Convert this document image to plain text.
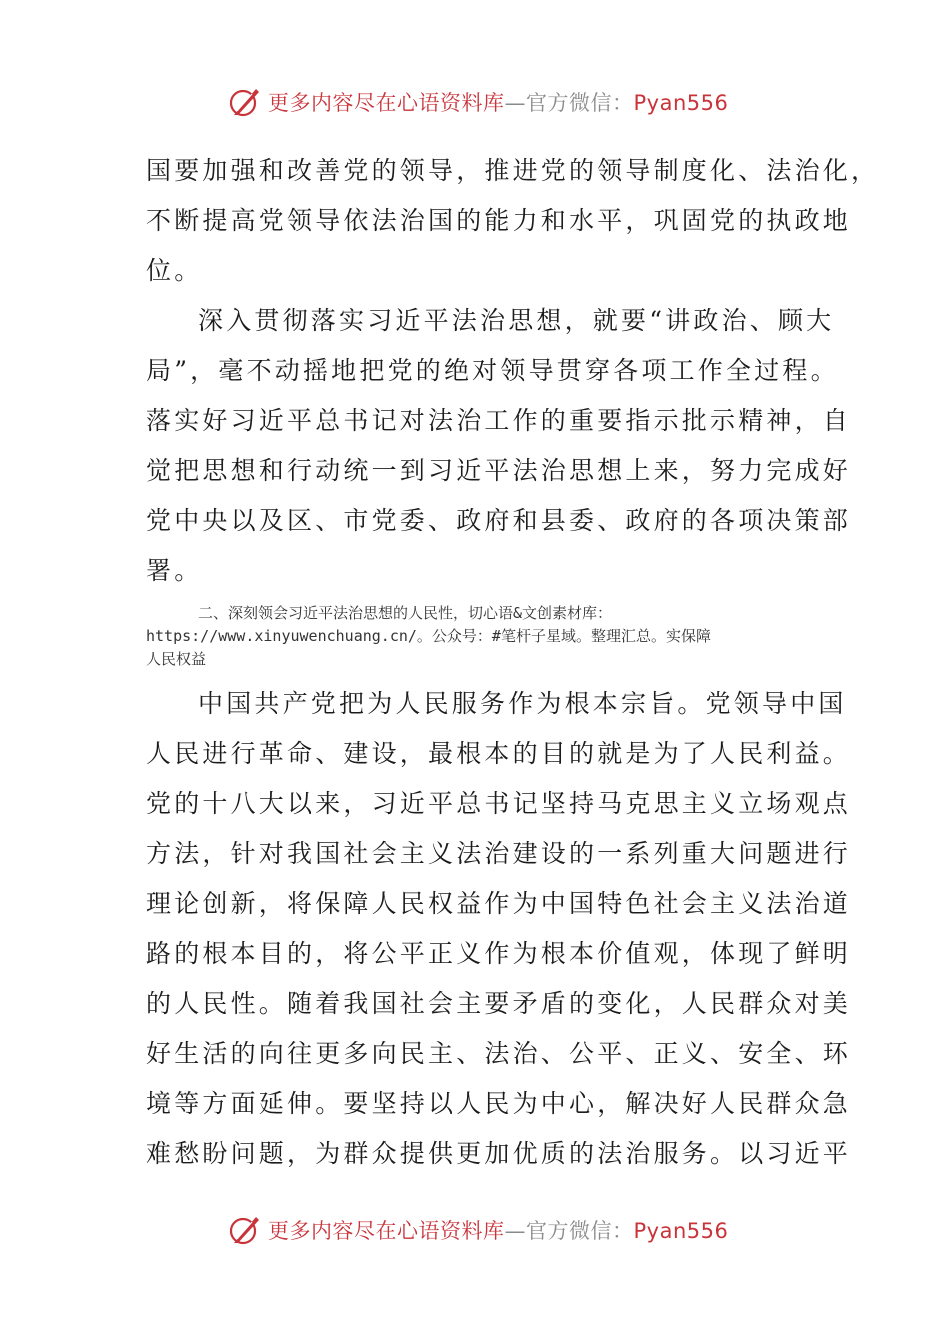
更多内容尽在心语资料库—官方微信：Pyan556
国要加强和改善党的领导，推进党的领导制度化、法治化，
不断提高党领导依法治国的能力和水平，巩固党的执政地
位。
深入贯彻落实习近平法治思想，就要“讲政治、顾大
局”，毫不动摇地把党的绝对领导贯穿各项工作全过程。
落实好习近平总书记对法治工作的重要指示批示精神，自
觉把思想和行动统一到习近平法治思想上来，努力完成好
党中央以及区、市党委、政府和县委、政府的各项决策部
署。
二、深刻领会习近平法治思想的人民性，切心语&文创素材库：
https://www.xinyuwenchuang.cn/。公众号：#笔杆子星域。整理汇总。实保障
人民权益
中国共产党把为人民服务作为根本宗旨。党领导中国
人民进行革命、建设，最根本的目的就是为了人民利益。
党的十八大以来，习近平总书记坚持马克思主义立场观点
方法，针对我国社会主义法治建设的一系列重大问题进行
理论创新，将保障人民权益作为中国特色社会主义法治道
路的根本目的，将公平正义作为根本价值观，体现了鲜明
的人民性。随着我国社会主要矛盾的变化，人民群众对美
好生活的向往更多向民主、法治、公平、正义、安全、环
境等方面延伸。要坚持以人民为中心，解决好人民群众急
难愁盼问题，为群众提供更加优质的法治服务。以习近平
更多内容尽在心语资料库—官方微信：Pyan556
